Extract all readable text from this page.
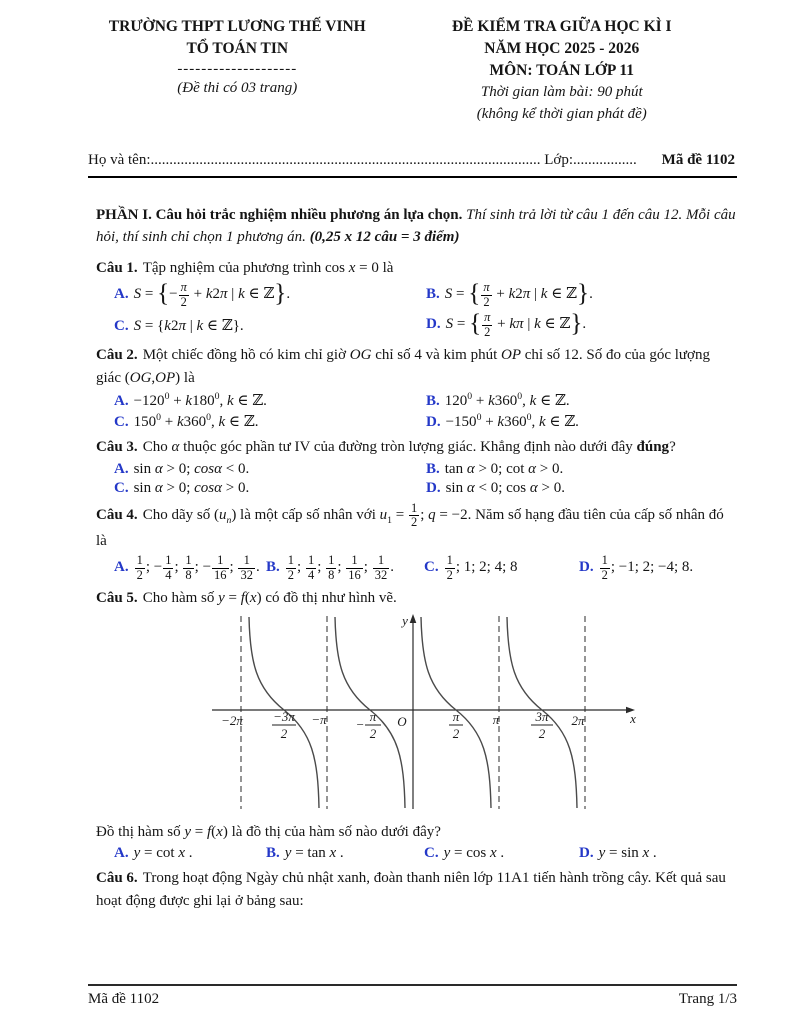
TRƯỜNG THPT LƯƠNG THẾ VINH
TỔ TOÁN TIN
--------------------
(Đề thi có 03 trang)
ĐỀ KIỂM TRA GIỮA HỌC KÌ I
NĂM HỌC 2025 - 2026
MÔN: TOÁN LỚP 11
Thời gian làm bài: 90 phút
(không kể thời gian phát đề)
Họ và tên:........................................................................................................ Lớp:.................	Mã đề 1102

PHẦN I. Câu hỏi trắc nghiệm nhiều phương án lựa chọn. Thí sinh trả lời từ câu 1 đến câu 12. Mỗi câu hỏi, thí sinh chỉ chọn 1 phương án. (0,25 x 12 câu = 3 điểm)

Câu 1. Tập nghiệm của phương trình cos x = 0 là

A. S = {− $\frac{\pi}{2} + k2\pi$ | k ∈ ℤ}.	B. S = { $\frac{\pi}{2} + k2\pi$ | k ∈ ℤ}.
C. S = {k2π | k ∈ ℤ}.	D. S = { $\frac{\pi}{2} + k\pi$ | k ∈ ℤ}.

Câu 2. Một chiếc đồng hồ có kim chỉ giờ OG chỉ số 4 và kim phút OP chỉ số 12. Số đo của góc lượng giác (OG,OP) là

A. $-120^0 + k180^0$, k ∈ ℤ.	B. $120^0 + k360^0$, k ∈ ℤ.
C. $150^0 + k360^0$, k ∈ ℤ.	D. $-150^0 + k360^0$, k ∈ ℤ.

Câu 3. Cho α thuộc góc phần tư IV của đường tròn lượng giác. Khẳng định nào dưới đây đúng?

A. sin α > 0; cosα < 0.	B. tan α > 0; cot α > 0.
C. sin α > 0; cosα > 0.	D. sin α < 0; cos α > 0.

Câu 4. Cho dãy số $(u_n)$ là một cấp số nhân với $u_1 = \frac{1}{2}$ ; q = −2. Năm số hạng đầu tiên của cấp số nhân đó là

A. $\frac{1}{2}$ ; − $\frac{1}{4}$ ; $\frac{1}{8}$ ; − $\frac{1}{16}$ ; $\frac{1}{32}$ . B. $\frac{1}{2}$ ; $\frac{1}{4}$ ; $\frac{1}{8}$ ; $\frac{1}{16}$ ; $\frac{1}{32}$ .	C. $\frac{1}{2}$ ; 1; 2; 4; 8	D. $\frac{1}{2}$ ; −1; 2; −4; 8.

Câu 5. Cho hàm số y = f(x) có đồ thị như hình vẽ.

y
x
O
−2π	−π	π	2π
−3π
2
−
π
2
π
2
3π
2

Đồ thị hàm số y = f(x) là đồ thị của hàm số nào dưới đây?

A. y = cot x .	B. y = tan x .	C. y = cos x .	D. y = sin x .

Câu 6. Trong hoạt động Ngày chủ nhật xanh, đoàn thanh niên lớp 11A1 tiến hành trồng cây. Kết quả sau hoạt động được ghi lại ở bảng sau:

Mã đề 1102	Trang 1/3
